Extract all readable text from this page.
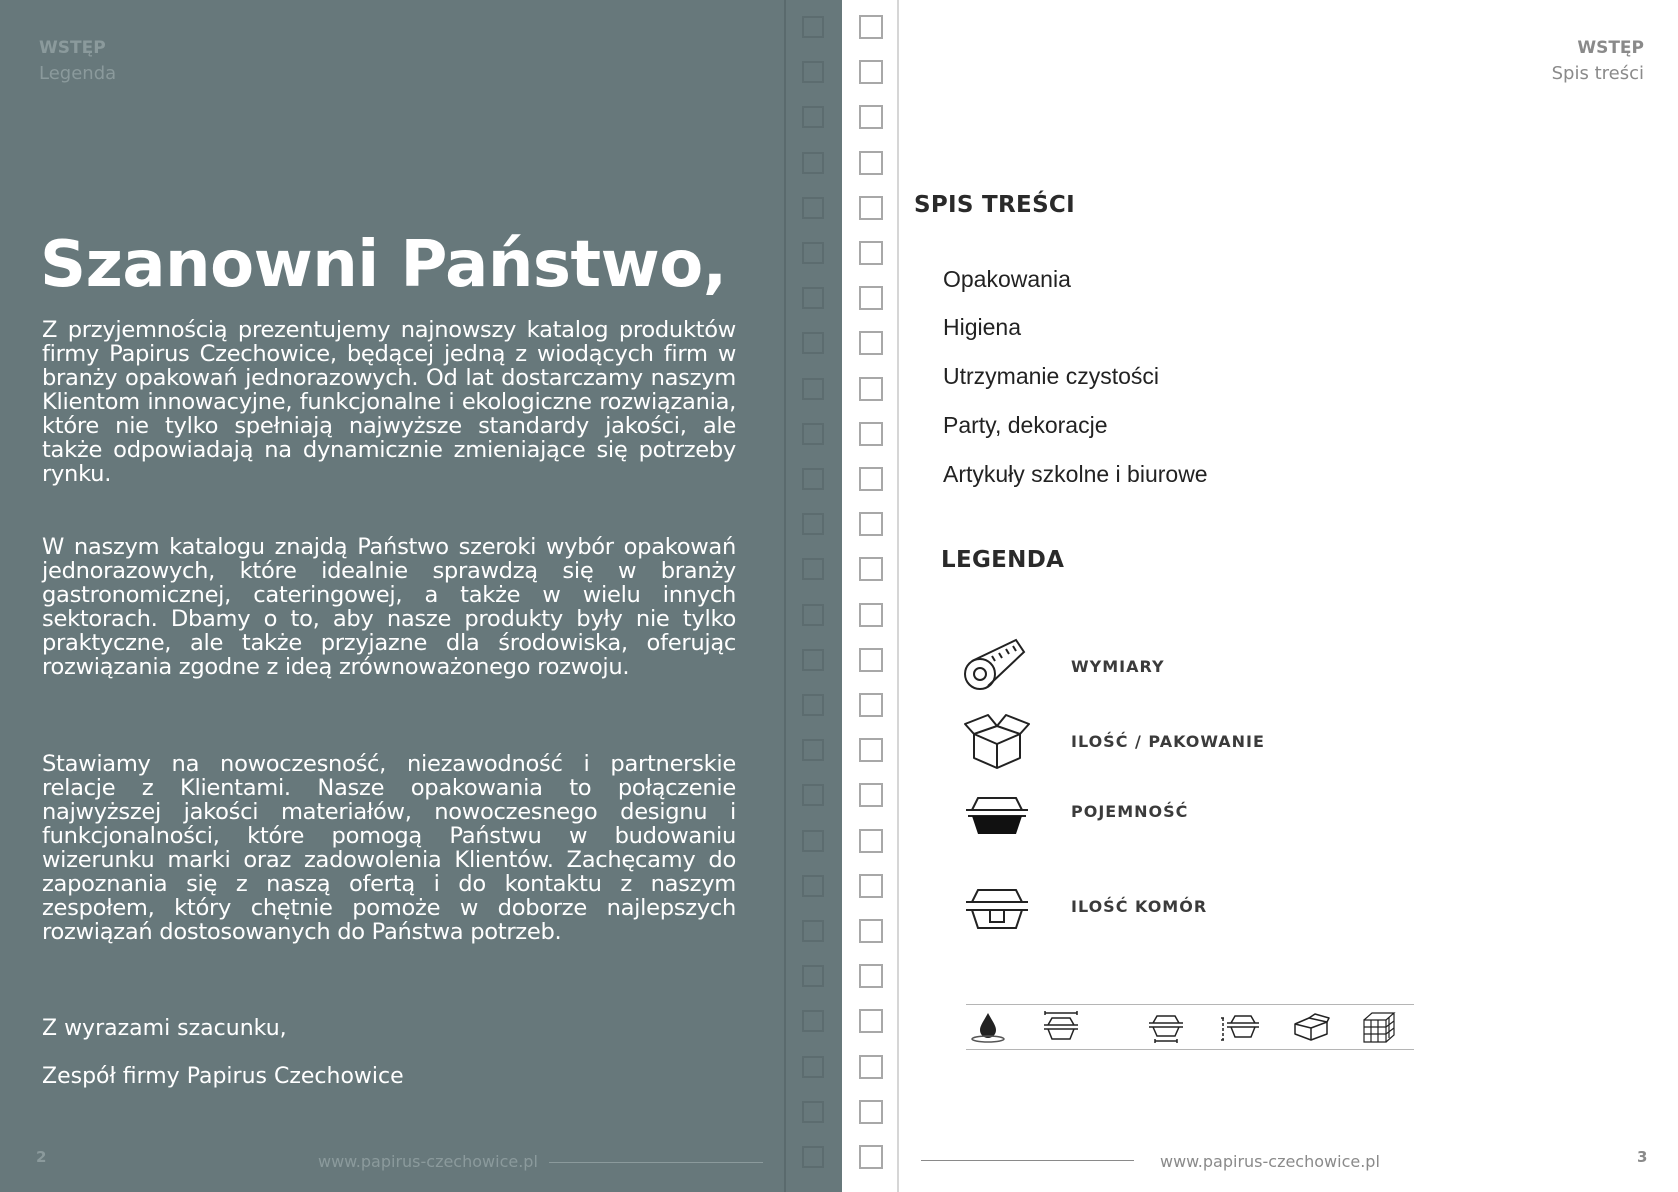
WSTĘP
Legenda
Szanowni Państwo,
Z przyjemnością prezentujemy najnowszy katalog produktów firmy Papirus Czechowice, będącej jedną z wiodących firm w branży opakowań jednorazowych. Od lat dostarczamy naszym Klientom innowacyjne, funkcjonalne i ekologiczne rozwiązania, które nie tylko spełniają najwyższe standardy jakości, ale także odpowiadają na dynamicznie zmieniające się potrzeby rynku.
W naszym katalogu znajdą Państwo szeroki wybór opakowań jednorazowych, które idealnie sprawdzą się w branży gastronomicznej, cateringowej, a także w wielu innych sektorach. Dbamy o to, aby nasze produkty były nie tylko praktyczne, ale także przyjazne dla środowiska, oferując rozwiązania zgodne z ideą zrównoważonego rozwoju.
Stawiamy na nowoczesność, niezawodność i partnerskie relacje z Klientami. Nasze opakowania to połączenie najwyższej jakości materiałów, nowoczesnego designu i funkcjonalności, które pomogą Państwu w budowaniu wizerunku marki oraz zadowolenia Klientów. Zachęcamy do zapoznania się z naszą ofertą i do kontaktu z naszym zespołem, który chętnie pomoże w doborze najlepszych rozwiązań dostosowanych do Państwa potrzeb.
Z wyrazami szacunku,
Zespół firmy Papirus Czechowice
2	www.papirus-czechowice.pl
WSTĘP
Spis treści
SPIS TREŚCI
Opakowania
Higiena
Utrzymanie czystości
Party, dekoracje
Artykuły szkolne i biurowe
LEGENDA
WYMIARY
ILOŚĆ / PAKOWANIE
POJEMNOŚĆ
ILOŚĆ KOMÓR
www.papirus-czechowice.pl	3
